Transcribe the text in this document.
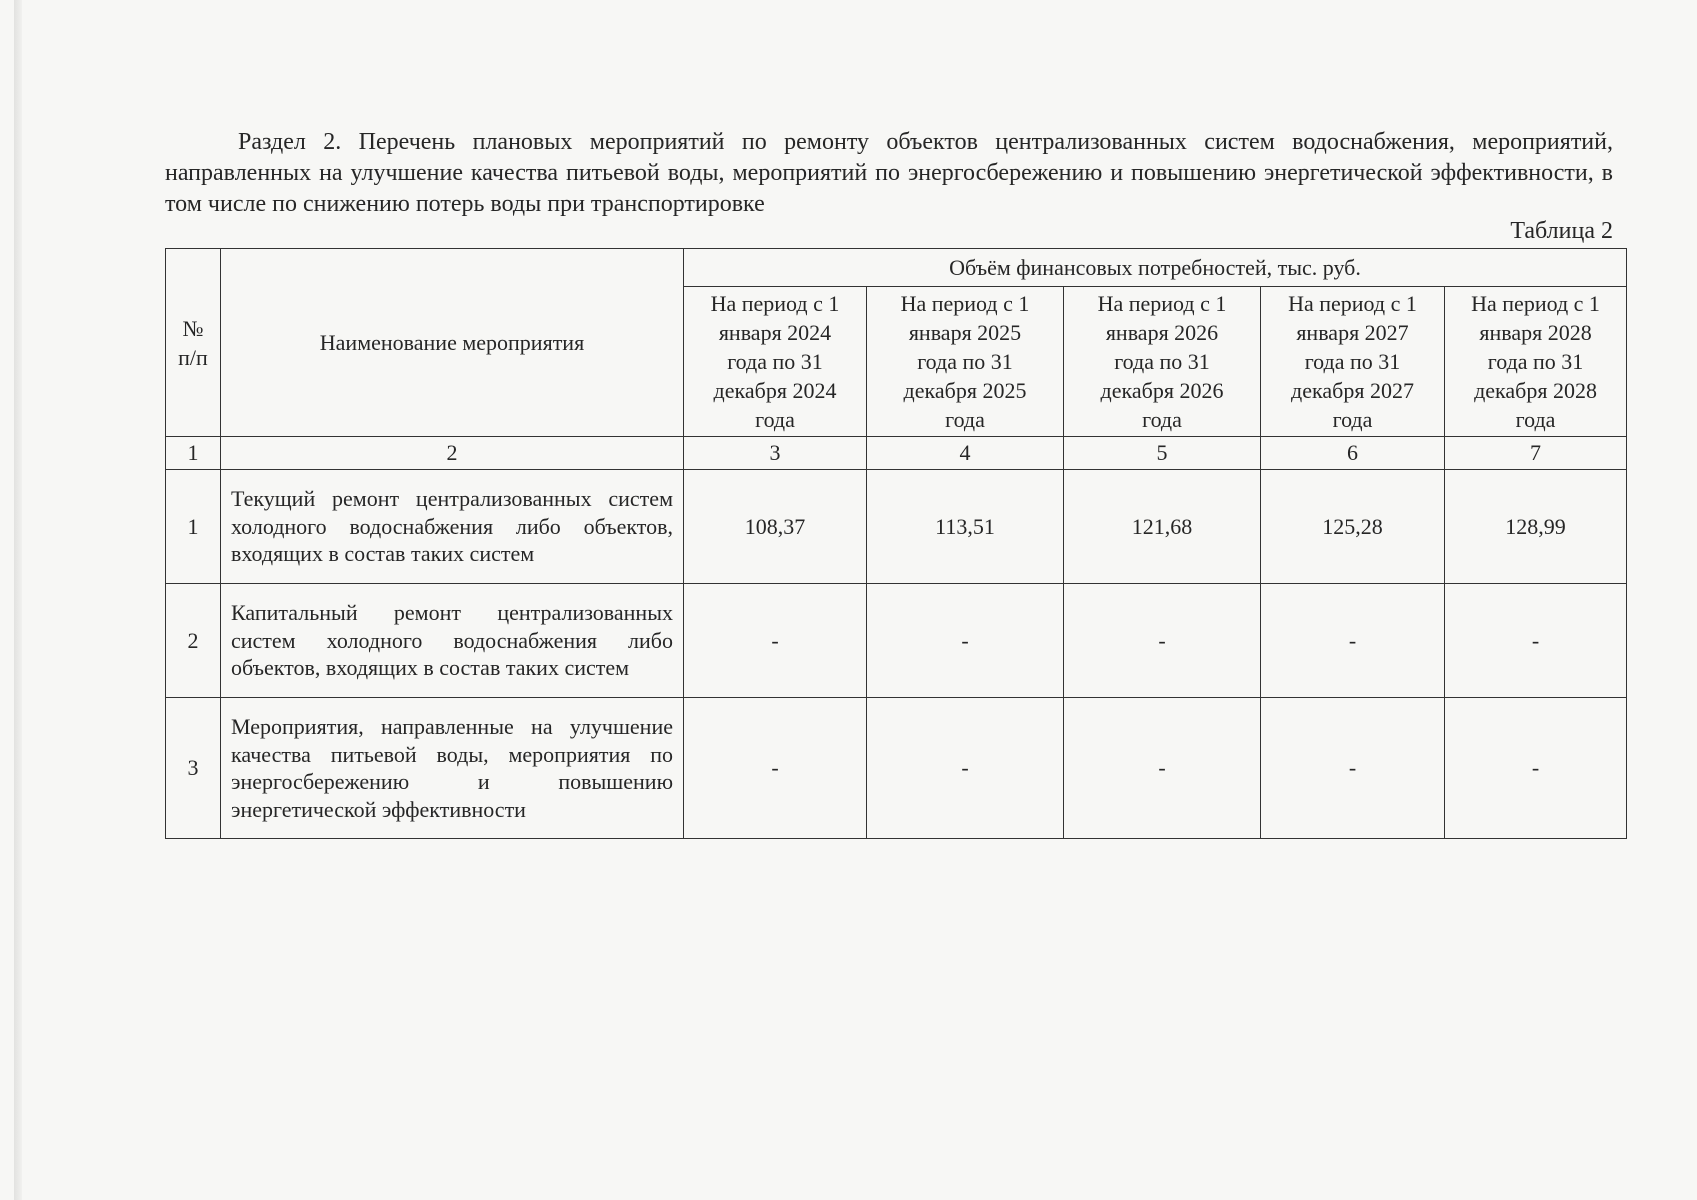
Раздел 2. Перечень плановых мероприятий по ремонту объектов централизованных систем водоснабжения, мероприятий, направленных на улучшение качества питьевой воды, мероприятий по энергосбережению и повышению энергетической эффективности, в том числе по снижению потерь воды при транспортировке

Таблица 2
№ п/п	Наименование мероприятия	Объём финансовых потребностей, тыс. руб.				
		На период с 1 января 2024 года по 31 декабря 2024 года	На период с 1 января 2025 года по 31 декабря 2025 года	На период с 1 января 2026 года по 31 декабря 2026 года	На период с 1 января 2027 года по 31 декабря 2027 года	На период с 1 января 2028 года по 31 декабря 2028 года
1	2	3	4	5	6	7
1	Текущий ремонт централизованных систем холодного водоснабжения либо объектов, входящих в состав таких систем	108,37	113,51	121,68	125,28	128,99
2	Капитальный ремонт централизованных систем холодного водоснабжения либо объектов, входящих в состав таких систем	-	-	-	-	-
3	Мероприятия, направленные на улучшение качества питьевой воды, мероприятия по энергосбережению и повышению энергетической эффективности	-	-	-	-	-
